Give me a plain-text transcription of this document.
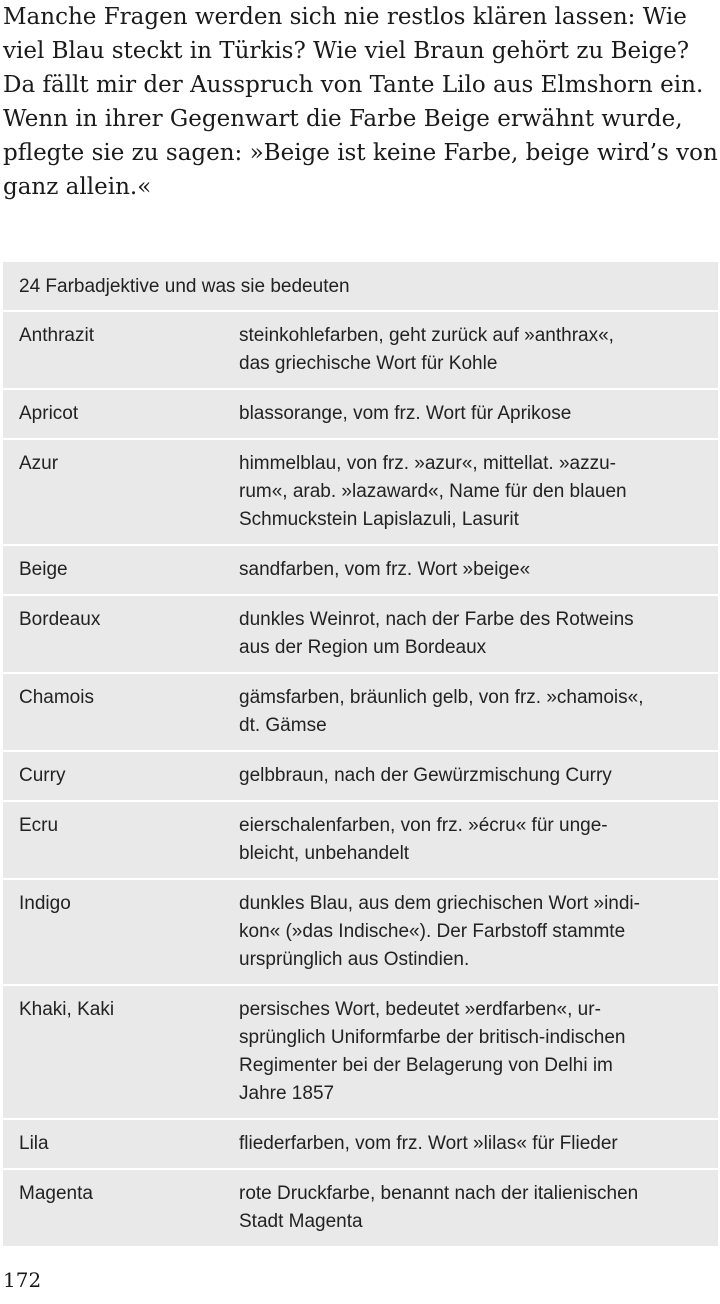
Manche Fragen werden sich nie restlos klären lassen: Wie
viel Blau steckt in Türkis? Wie viel Braun gehört zu Beige?
Da fällt mir der Ausspruch von Tante Lilo aus Elmshorn ein.
Wenn in ihrer Gegenwart die Farbe Beige erwähnt wurde,
pflegte sie zu sagen: »Beige ist keine Farbe, beige wird’s von
ganz allein.«
24 Farbadjektive und was sie bedeuten
Anthrazit	steinkohlefarben, geht zurück auf »anthrax«,
das griechische Wort für Kohle
Apricot	blassorange, vom frz. Wort für Aprikose
Azur	himmelblau, von frz. »azur«, mittellat. »azzu-
rum«, arab. »lazaward«, Name für den blauen
Schmuckstein Lapislazuli, Lasurit
Beige	sandfarben, vom frz. Wort »beige«
Bordeaux	dunkles Weinrot, nach der Farbe des Rotweins
aus der Region um Bordeaux
Chamois	gämsfarben, bräunlich gelb, von frz. »chamois«,
dt. Gämse
Curry	gelbbraun, nach der Gewürzmischung Curry
Ecru	eierschalenfarben, von frz. »écru« für unge-
bleicht, unbehandelt
Indigo	dunkles Blau, aus dem griechischen Wort »indi-
kon« (»das Indische«). Der Farbstoff stammte
ursprünglich aus Ostindien.
Khaki, Kaki	persisches Wort, bedeutet »erdfarben«, ur-
sprünglich Uniformfarbe der britisch-indischen
Regimenter bei der Belagerung von Delhi im
Jahre 1857
Lila	fliederfarben, vom frz. Wort »lilas« für Flieder
Magenta	rote Druckfarbe, benannt nach der italienischen
Stadt Magenta
172
